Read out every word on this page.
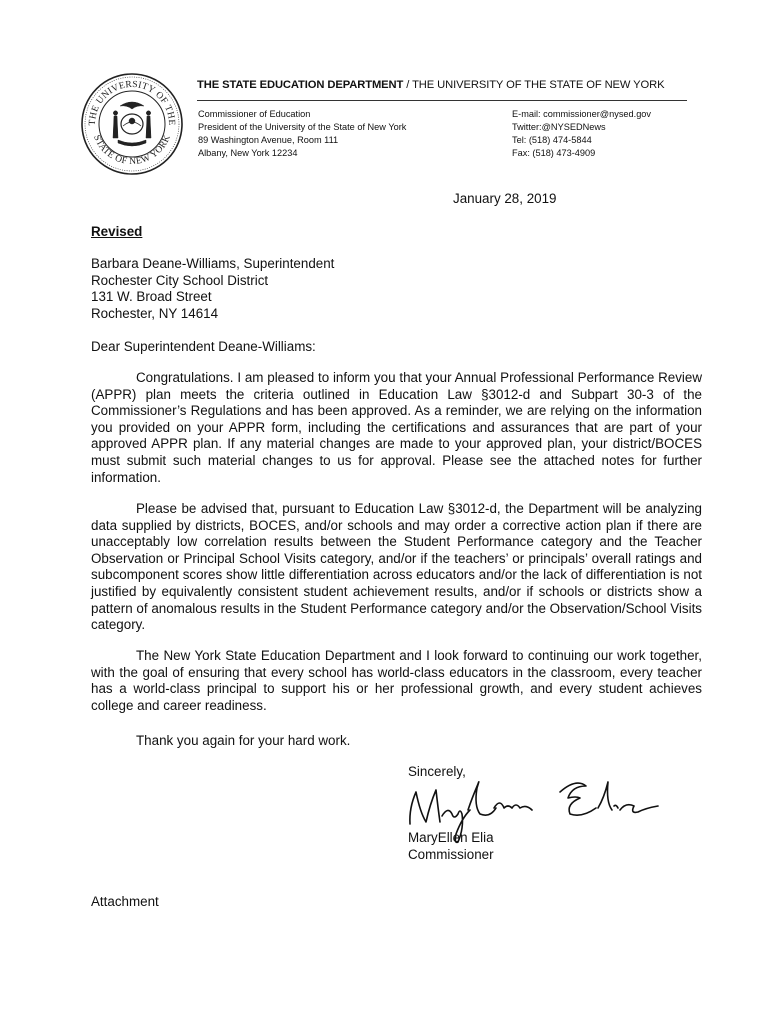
THE UNIVERSITY OF THE
STATE OF NEW YORK
THE STATE EDUCATION DEPARTMENT / THE UNIVERSITY OF THE STATE OF NEW YORK
Commissioner of Education
President of the University of the State of New York
89 Washington Avenue, Room 111
Albany, New York 12234
E-mail: commissioner@nysed.gov
Twitter:@NYSEDNews
Tel: (518) 474-5844
Fax: (518) 473-4909
January 28, 2019
Revised
Barbara Deane-Williams, Superintendent
Rochester City School District
131 W. Broad Street
Rochester, NY 14614
Dear Superintendent Deane-Williams:
Congratulations. I am pleased to inform you that your Annual Professional Performance Review (APPR) plan meets the criteria outlined in Education Law §3012-d and Subpart 30-3 of the Commissioner’s Regulations and has been approved. As a reminder, we are relying on the information you provided on your APPR form, including the certifications and assurances that are part of your approved APPR plan. If any material changes are made to your approved plan, your district/BOCES must submit such material changes to us for approval. Please see the attached notes for further information.
Please be advised that, pursuant to Education Law §3012-d, the Department will be analyzing data supplied by districts, BOCES, and/or schools and may order a corrective action plan if there are unacceptably low correlation results between the Student Performance category and the Teacher Observation or Principal School Visits category, and/or if the teachers’ or principals’ overall ratings and subcomponent scores show little differentiation across educators and/or the lack of differentiation is not justified by equivalently consistent student achievement results, and/or if schools or districts show a pattern of anomalous results in the Student Performance category and/or the Observation/School Visits category.
The New York State Education Department and I look forward to continuing our work together, with the goal of ensuring that every school has world-class educators in the classroom, every teacher has a world-class principal to support his or her professional growth, and every student achieves college and career readiness.
Thank you again for your hard work.
Sincerely,
MaryEllen Elia
Commissioner
Attachment
